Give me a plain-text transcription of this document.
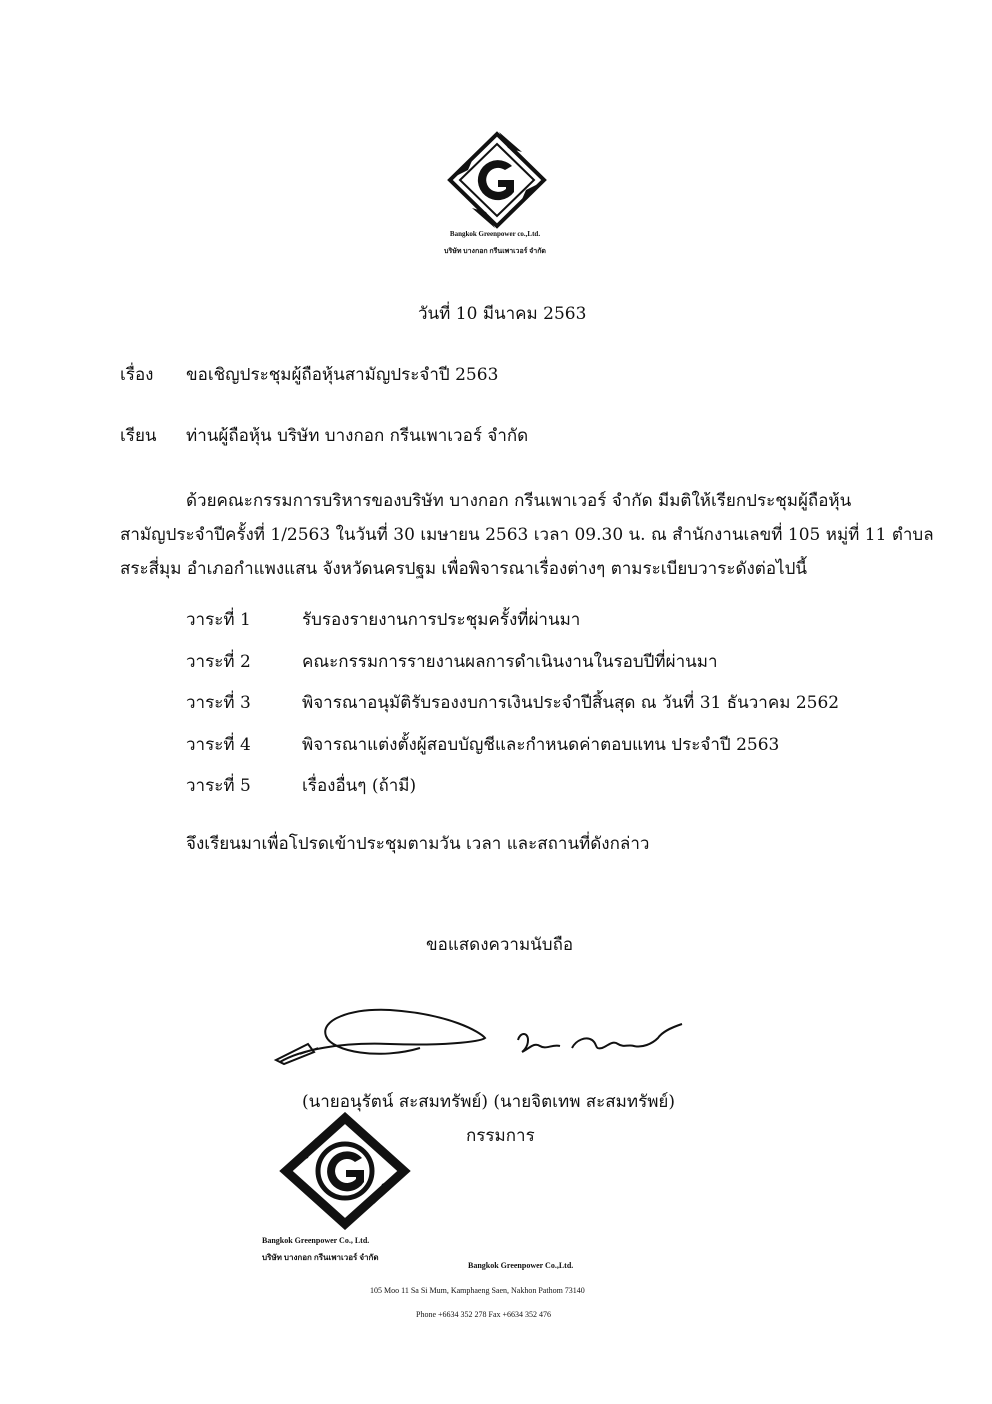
Bangkok Greenpower co.,Ltd.
บริษัท บางกอก กรีนเพาเวอร์ จำกัด
วันที่ 10 มีนาคม 2563
เรื่อง ขอเชิญประชุมผู้ถือหุ้นสามัญประจำปี 2563
เรียน ท่านผู้ถือหุ้น บริษัท บางกอก กรีนเพาเวอร์ จำกัด
ด้วยคณะกรรมการบริหารของบริษัท บางกอก กรีนเพาเวอร์ จำกัด มีมติให้เรียกประชุมผู้ถือหุ้น
สามัญประจำปีครั้งที่ 1/2563 ในวันที่ 30 เมษายน 2563 เวลา 09.30 น. ณ สำนักงานเลขที่ 105 หมู่ที่ 11 ตำบล
สระสี่มุม อำเภอกำแพงแสน จังหวัดนครปฐม เพื่อพิจารณาเรื่องต่างๆ ตามระเบียบวาระดังต่อไปนี้
วาระที่ 1	รับรองรายงานการประชุมครั้งที่ผ่านมา
วาระที่ 2	คณะกรรมการรายงานผลการดำเนินงานในรอบปีที่ผ่านมา
วาระที่ 3	พิจารณาอนุมัติรับรองงบการเงินประจำปีสิ้นสุด ณ วันที่ 31 ธันวาคม 2562
วาระที่ 4	พิจารณาแต่งตั้งผู้สอบบัญชีและกำหนดค่าตอบแทน ประจำปี 2563
วาระที่ 5	เรื่องอื่นๆ (ถ้ามี)
จึงเรียนมาเพื่อโปรดเข้าประชุมตามวัน เวลา และสถานที่ดังกล่าว
ขอแสดงความนับถือ
(นายอนุรัตน์ สะสมทรัพย์) (นายจิตเทพ สะสมทรัพย์)
กรรมการ
Bangkok Greenpower Co., Ltd.
บริษัท บางกอก กรีนเพาเวอร์ จำกัด
Bangkok Greenpower Co.,Ltd.
105 Moo 11 Sa Si Mum, Kamphaeng Saen, Nakhon Pathom 73140
Phone +6634 352 278 Fax +6634 352 476
